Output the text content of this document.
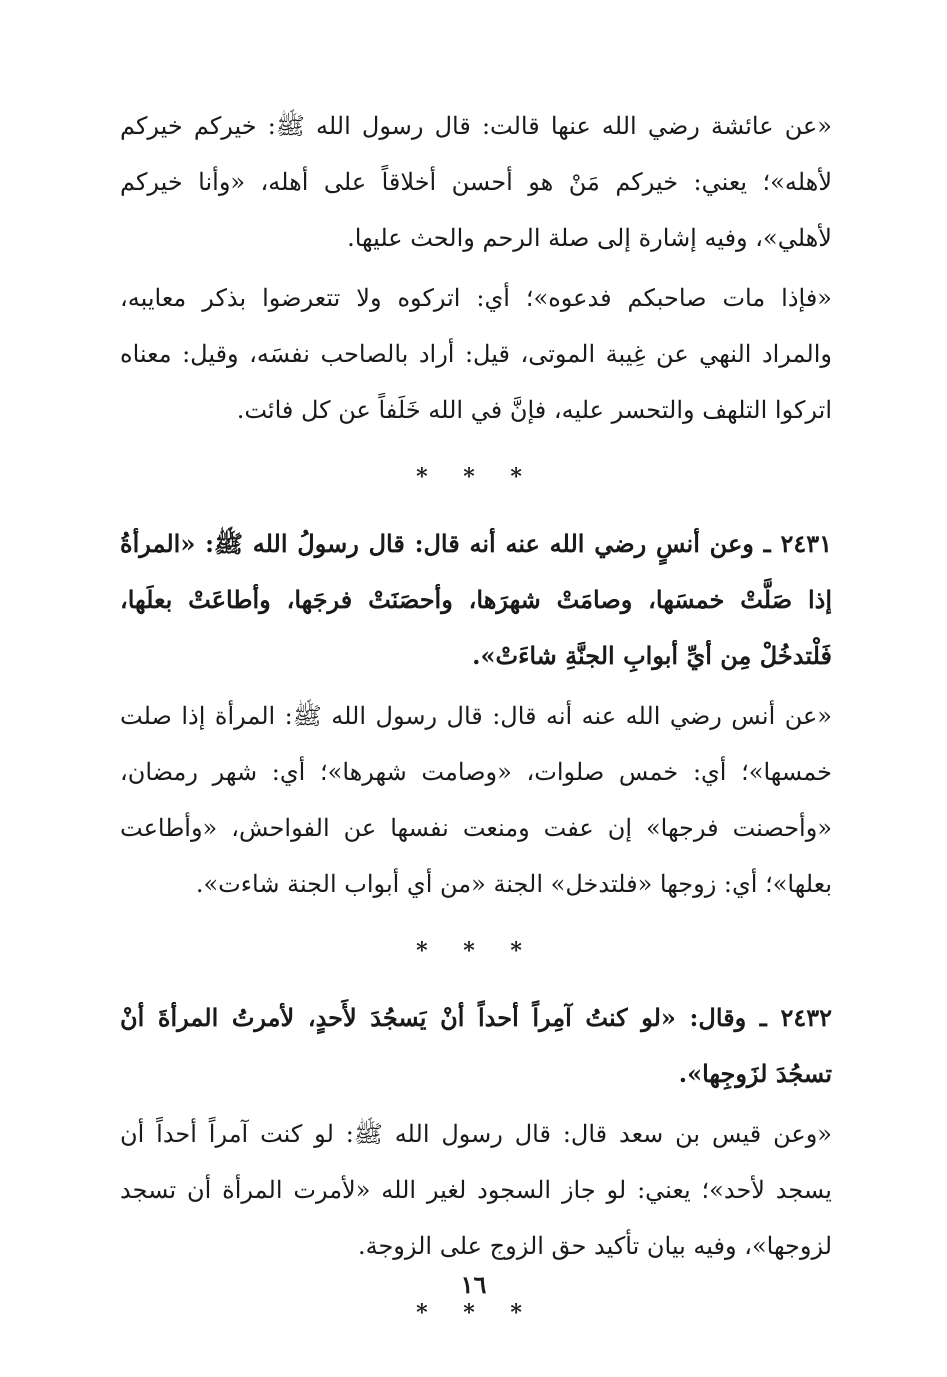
«عن عائشة رضي الله عنها قالت: قال رسول الله ﷺ: خيركم خيركم لأهله»؛ يعني: خيركم مَنْ هو أحسن أخلاقاً على أهله، «وأنا خيركم لأهلي»، وفيه إشارة إلى صلة الرحم والحث عليها.

«فإذا مات صاحبكم فدعوه»؛ أي: اتركوه ولا تتعرضوا بذكر معايبه، والمراد النهي عن غِيبة الموتى، قيل: أراد بالصاحب نفسَه، وقيل: معناه اتركوا التلهف والتحسر عليه، فإنَّ في الله خَلَفاً عن كل فائت.

* * *

٢٤٣١ ـ وعن أنسٍ رضي الله عنه أنه قال: قال رسولُ الله ﷺ: «المرأةُ إذا صَلَّتْ خمسَها، وصامَتْ شهرَها، وأحصَنَتْ فرجَها، وأطاعَتْ بعلَها، فَلْتدخُلْ مِن أيِّ أبوابِ الجنَّةِ شاءَتْ».

«عن أنس رضي الله عنه أنه قال: قال رسول الله ﷺ: المرأة إذا صلت خمسها»؛ أي: خمس صلوات، «وصامت شهرها»؛ أي: شهر رمضان، «وأحصنت فرجها» إن عفت ومنعت نفسها عن الفواحش، «وأطاعت بعلها»؛ أي: زوجها «فلتدخل» الجنة «من أي أبواب الجنة شاءت».

* * *

٢٤٣٢ ـ وقال: «لو كنتُ آمِراً أحداً أنْ يَسجُدَ لأَحدٍ، لأمرتُ المرأةَ أنْ تسجُدَ لزَوجِها».

«وعن قيس بن سعد قال: قال رسول الله ﷺ: لو كنت آمراً أحداً أن يسجد لأحد»؛ يعني: لو جاز السجود لغير الله «لأمرت المرأة أن تسجد لزوجها»، وفيه بيان تأكيد حق الزوج على الزوجة.

* * *

١٦
